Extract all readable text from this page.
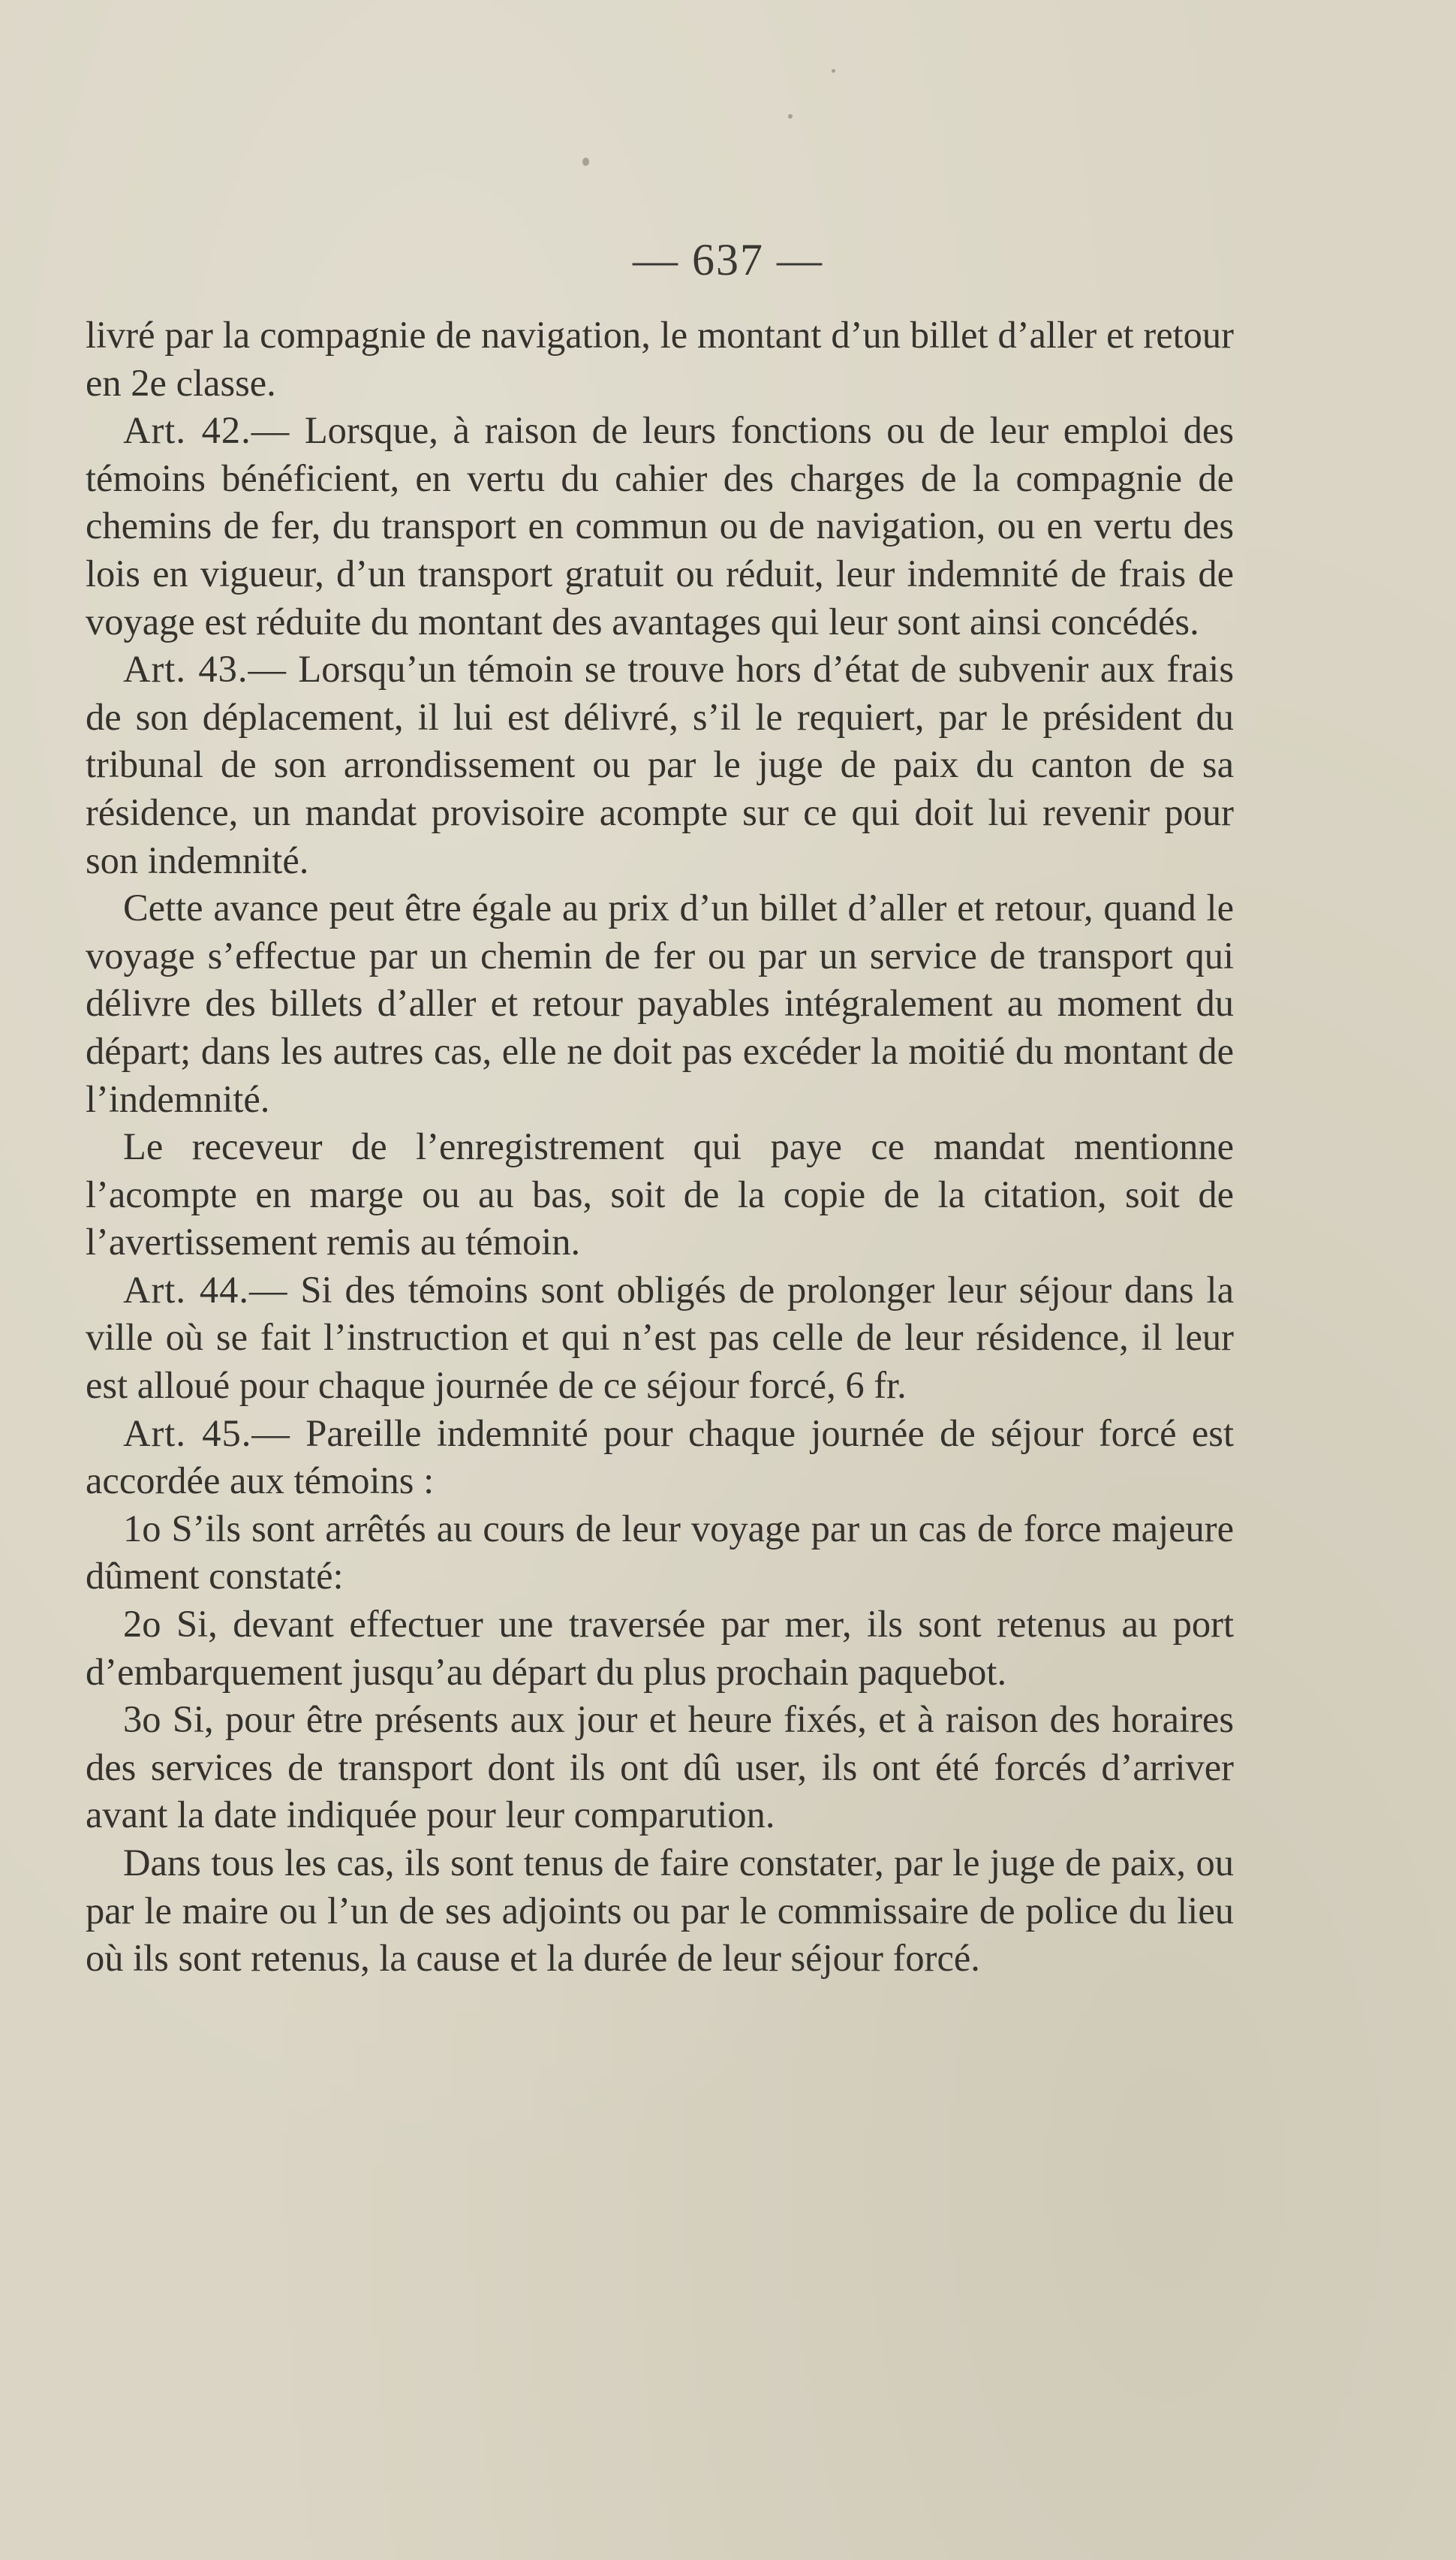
— 637 —

livré par la compagnie de navigation, le montant d’un billet d’aller et retour en 2e classe.

Art. 42.— Lorsque, à raison de leurs fonctions ou de leur emploi des témoins bénéficient, en vertu du cahier des charges de la compagnie de chemins de fer, du transport en commun ou de navigation, ou en vertu des lois en vigueur, d’un transport gratuit ou réduit, leur indemnité de frais de voyage est réduite du montant des avantages qui leur sont ainsi concédés.

Art. 43.— Lorsqu’un témoin se trouve hors d’état de subvenir aux frais de son déplacement, il lui est délivré, s’il le requiert, par le président du tribunal de son arrondissement ou par le juge de paix du canton de sa résidence, un mandat provisoire acompte sur ce qui doit lui revenir pour son indemnité.

Cette avance peut être égale au prix d’un billet d’aller et retour, quand le voyage s’effectue par un chemin de fer ou par un service de transport qui délivre des billets d’aller et retour payables intégralement au moment du départ; dans les autres cas, elle ne doit pas excéder la moitié du montant de l’indemnité.

Le receveur de l’enregistrement qui paye ce mandat mentionne l’acompte en marge ou au bas, soit de la copie de la citation, soit de l’avertissement remis au témoin.

Art. 44.— Si des témoins sont obligés de prolonger leur séjour dans la ville où se fait l’instruction et qui n’est pas celle de leur résidence, il leur est alloué pour chaque journée de ce séjour forcé, 6 fr.

Art. 45.— Pareille indemnité pour chaque journée de séjour forcé est accordée aux témoins :

1o S’ils sont arrêtés au cours de leur voyage par un cas de force majeure dûment constaté:

2o Si, devant effectuer une traversée par mer, ils sont retenus au port d’embarquement jusqu’au départ du plus prochain paquebot.

3o Si, pour être présents aux jour et heure fixés, et à raison des horaires des services de transport dont ils ont dû user, ils ont été forcés d’arriver avant la date indiquée pour leur comparution.

Dans tous les cas, ils sont tenus de faire constater, par le juge de paix, ou par le maire ou l’un de ses adjoints ou par le commissaire de police du lieu où ils sont retenus, la cause et la durée de leur séjour forcé.
